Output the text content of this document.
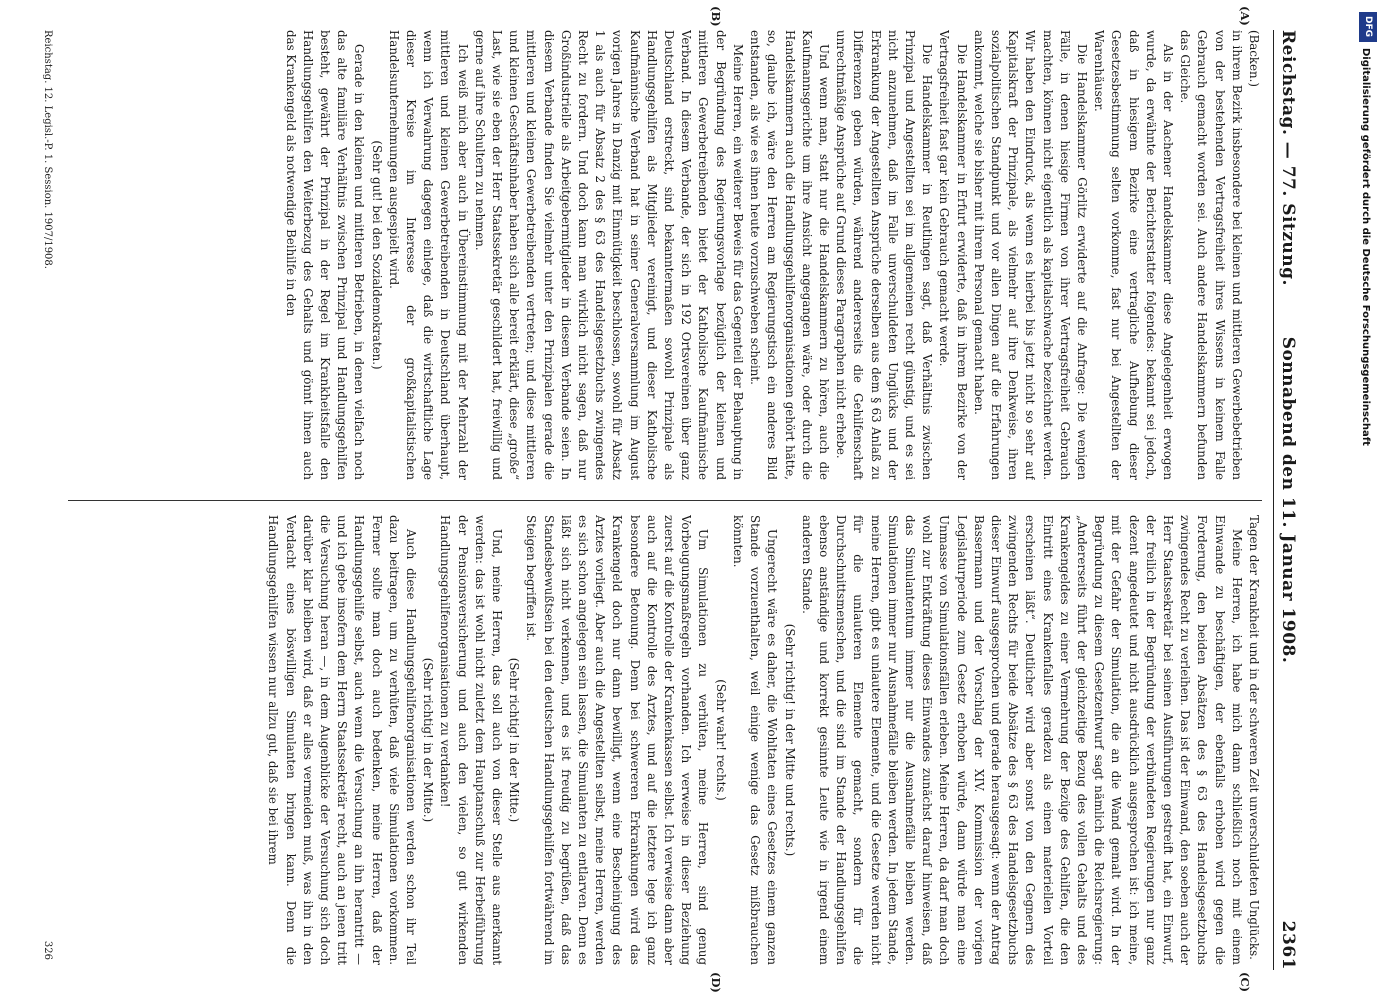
Reichstag. — 77. Sitzung.
Sonnabend den 11. Januar 1908.
2361
(A)
(B)
(C)
(D)

(Backen.)

in ihrem Bezirk insbesondere bei kleinen und mittleren Gewerbebetrieben von der bestehenden Vertragsfreiheit ihres Wissens in keinem Falle Gebrauch gemacht worden sei. Auch andere Handelskammern befunden das Gleiche.

Als in der Aachener Handelskammer diese Angelegenheit erwogen wurde, da erwähnte der Berichterstatter folgendes: bekannt sei jedoch, daß in hiesigem Bezirke eine vertragliche Aufhebung dieser Gesetzesbestimmung selten vorkomme, fast nur bei Angestellten der Warenhäuser.

Die Handelskammer Görlitz erwiderte auf die Anfrage: Die wenigen Fälle, in denen hiesige Firmen von ihrer Vertragsfreiheit Gebrauch machten, können nicht eigentlich als kapitalschwache bezeichnet werden. Wir haben den Eindruck, als wenn es hierbei bis jetzt nicht so sehr auf Kapitalskraft der Prinzipale, als vielmehr auf ihre Denkweise, ihren sozialpolitischen Standpunkt und vor allen Dingen auf die Erfahrungen ankommt, welche sie bisher mit ihrem Personal gemacht haben.

Die Handelskammer in Erfurt erwiderte, daß in ihrem Bezirke von der Vertragsfreiheit fast gar kein Gebrauch gemacht werde.

Die Handelskammer in Reutlingen sagt, daß Verhältnis zwischen Prinzipal und Angestellten sei im allgemeinen recht günstig, und es sei nicht anzunehmen, daß im Falle unverschuldeten Unglücks und der Erkrankung der Angestellten Ansprüche derselben aus dem § 63 Anlaß zu Differenzen geben würden, während andererseits die Gehilfenschaft unrechtmäßige Ansprüche auf Grund dieses Paragraphen nicht erhebe.

Und wenn man, statt nur die Handelskammern zu hören, auch die Kaufmannsgerichte um ihre Ansicht angegangen wäre, oder durch die Handelskammern auch die Handlungsgehilfenorganisationen gehört hätte, so, glaube ich, wäre den Herren am Regierungstisch ein anderes Bild entstanden, als wie es ihnen heute vorzuschweben scheint.

Meine Herren, ein weiterer Beweis für das Gegenteil der Behauptung in der Begründung des Regierungsvorlage bezüglich der kleinen und mittleren Gewerbetreibenden bietet der Katholische Kaufmännische Verband. In diesem Verbande, der sich in 192 Ortsvereinen über ganz Deutschland erstreckt, sind bekanntermaßen sowohl Prinzipale als Handlungsgehilfen als Mitglieder vereinigt, und dieser Katholische Kaufmännische Verband hat in seiner Generalversammlung im August vorigen Jahres in Danzig mit Einmütigkeit beschlossen, sowohl für Absatz 1 als auch für Absatz 2 des § 63 des Handelsgesetzbuchs zwingendes Recht zu fordern. Und doch kann man wirklich nicht sagen, daß nur Großindustrielle als Arbeitgebermitglieder in diesem Verbande seien. In diesem Verbande finden Sie vielmehr unter den Prinzipalen gerade die mittleren und kleinen Gewerbetreibenden vertreten; und diese mittleren und kleinen Geschäftsinhaber haben sich alle bereit erklärt, diese „große“ Last, wie sie eben der Herr Staatssekretär geschildert hat, freiwillig und gerne auf ihre Schultern zu nehmen.

Ich weiß mich aber auch in Übereinstimmung mit der Mehrzahl der mittleren und kleinen Gewerbetreibenden in Deutschland überhaupt, wenn ich Verwahrung dagegen einlege, daß die wirtschaftliche Lage dieser Kreise im Interesse der großkapitalistischen Handelsunternehmungen ausgespielt wird.

(Sehr gut! bei den Sozialdemokraten.)

Gerade in den kleinen und mittleren Betrieben, in denen vielfach noch das alte familiäre Verhältnis zwischen Prinzipal und Handlungsgehilfen besteht, gewährt der Prinzipal in der Regel im Krankheitsfalle den Handlungsgehilfen den Weiterbezug des Gehalts und gönnt ihnen auch das Krankengeld als notwendige Beihilfe in den

Tagen der Krankheit und in der schweren Zeit unverschuldeten Unglücks.

Meine Herren, ich habe mich dann schließlich noch mit einem Einwande zu beschäftigen, der ebenfalls erhoben wird gegen die Forderung, den beiden Absätzen des § 63 des Handelsgesetzbuchs zwingendes Recht zu verleihen. Das ist der Einwand, den soeben auch der Herr Staatssekretär bei seinen Ausführungen gestreift hat, ein Einwurf, der freilich in der Begründung der verbündeten Regierungen nur ganz dezent angedeutet und nicht ausdrücklich ausgesprochen ist: ich meine, mit der Gefahr der Simulation, die an die Wand gemalt wird. In der Begründung zu diesem Gesetzentwurf sagt nämlich die Reichsregierung: „Andererseits führt der gleichzeitige Bezug des vollen Gehalts und des Krankengeldes zu einer Vermehrung der Bezüge des Gehilfen, die den Eintritt eines Krankenfalles geradezu als einen materiellen Vorteil erscheinen läßt“. Deutlicher wird aber sonst von den Gegnern des zwingenden Rechts für beide Absätze des § 63 des Handelsgesetzbuchs dieser Einwurf ausgesprochen und gerade herausgesagt: wenn der Antrag Bassermann und der Vorschlag der XIV. Kommission der vorigen Legislaturperiode zum Gesetz erhoben würde, dann würde man eine Unmasse von Simulationsfällen erleben. Meine Herren, da darf man doch wohl zur Entkräftung dieses Einwandes zunächst darauf hinweisen, daß das Simulantentum immer nur die Ausnahmefälle bleiben werden. Simulationen immer nur Ausnahmefälle bleiben werden. In jedem Stande, meine Herren, gibt es unlautere Elemente, und die Gesetze werden nicht für die unlauteren Elemente gemacht, sondern für die Durchschnittsmenschen, und die sind im Stande der Handlungsgehilfen ebenso anständige und korrekt gesinnte Leute wie in irgend einem anderen Stande.

(Sehr richtig! in der Mitte und rechts.)

Ungerecht wäre es daher, die Wohltaten eines Gesetzes einem ganzen Stande vorzuenthalten, weil einige wenige das Gesetz mißbrauchen könnten.

(Sehr wahr! rechts.)

Um Simulationen zu verhüten, meine Herren, sind genug Vorbeugungsmaßregeln vorhanden. Ich verweise in dieser Beziehung zuerst auf die Kontrolle der Krankenkassen selbst. Ich verweise dann aber auch auf die Kontrolle des Arztes, und auf die letztere lege ich ganz besondere Betonung. Denn bei schwereren Erkrankungen wird das Krankengeld doch nur dann bewilligt, wenn eine Bescheinigung des Arztes vorliegt. Aber auch die Angestellten selbst, meine Herren, werden es sich schon angelegen sein lassen, die Simulanten zu entlarven. Denn es läßt sich nicht verkennen, und es ist freudig zu begrüßen, daß das Standesbewußtsein bei den deutschen Handlungsgehilfen fortwährend im Steigen begriffen ist.

(Sehr richtig! in der Mitte.)

Und, meine Herren, das soll auch von dieser Stelle aus anerkannt werden: das ist wohl nicht zuletzt dem Hauptanschuß zur Herbeiführung der Pensionsversicherung und auch den vielen, so gut wirkenden Handlungsgehilfenorganisationen zu verdanken!

(Sehr richtig! in der Mitte.)

Auch diese Handlungsgehilfenorganisationen werden schon ihr Teil dazu beitragen, um zu verhüten, daß viele Simulationen vorkommen. Ferner sollte man doch auch bedenken, meine Herren, daß der Handlungsgehilfe selbst, auch wenn die Versuchung an ihn herantritt — und ich gebe insofern dem Herrn Staatssekretär recht, auch an jenen tritt die Versuchung heran —, in dem Augenblicke der Versuchung sich doch darüber klar bleiben wird, daß er alles vermeiden muß, was ihn in den Verdacht eines böswilligen Simulanten bringen kann. Denn die Handlungsgehilfen wissen nur allzu gut, daß sie bei ihrem

Reichstag. 12. Legisl.-P. 1. Session. 1907/1908.
326
DFG
Digitalisierung gefördert durch die Deutsche Forschungsgemeinschaft
